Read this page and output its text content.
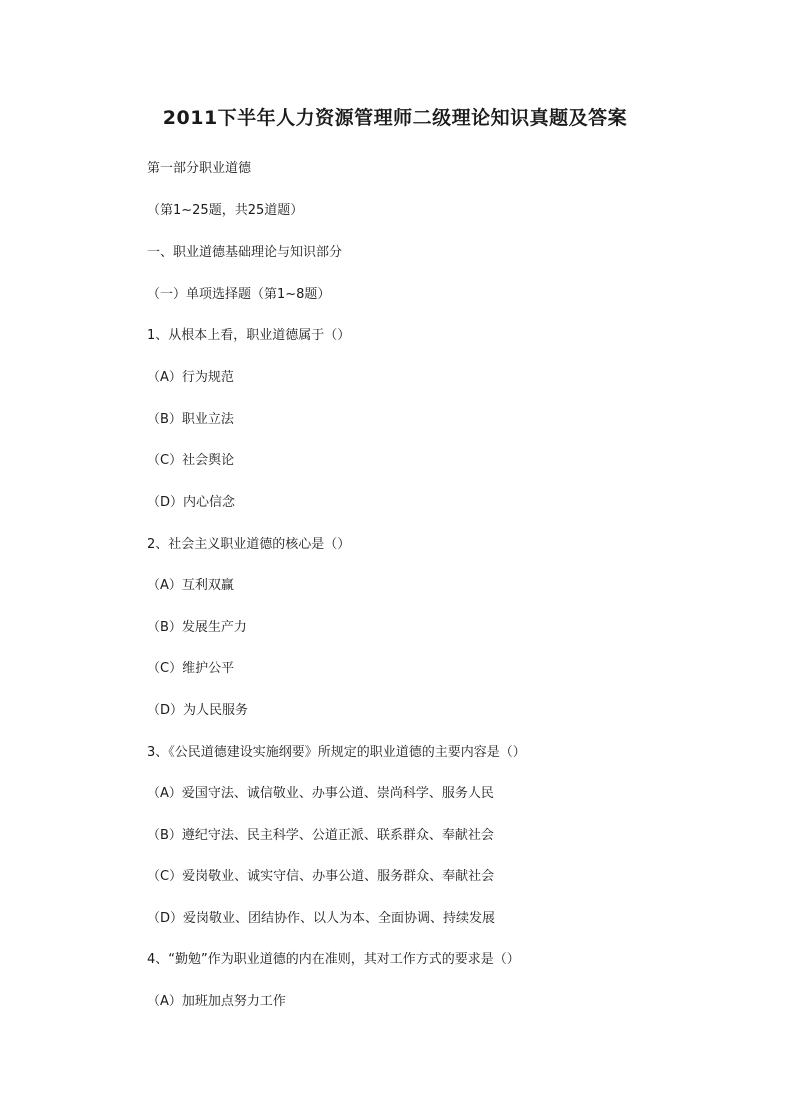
2011下半年人力资源管理师二级理论知识真题及答案
第一部分职业道德
（第1~25题，共25道题）
一、职业道德基础理论与知识部分
（一）单项选择题（第1~8题）
1、从根本上看，职业道德属于（）
（A）行为规范
（B）职业立法
（C）社会舆论
（D）内心信念
2、社会主义职业道德的核心是（）
（A）互利双赢
（B）发展生产力
（C）维护公平
（D）为人民服务
3、《公民道德建设实施纲要》所规定的职业道德的主要内容是（）
（A）爱国守法、诚信敬业、办事公道、崇尚科学、服务人民
（B）遵纪守法、民主科学、公道正派、联系群众、奉献社会
（C）爱岗敬业、诚实守信、办事公道、服务群众、奉献社会
（D）爱岗敬业、团结协作、以人为本、全面协调、持续发展
4、“勤勉”作为职业道德的内在准则，其对工作方式的要求是（）
（A）加班加点努力工作
